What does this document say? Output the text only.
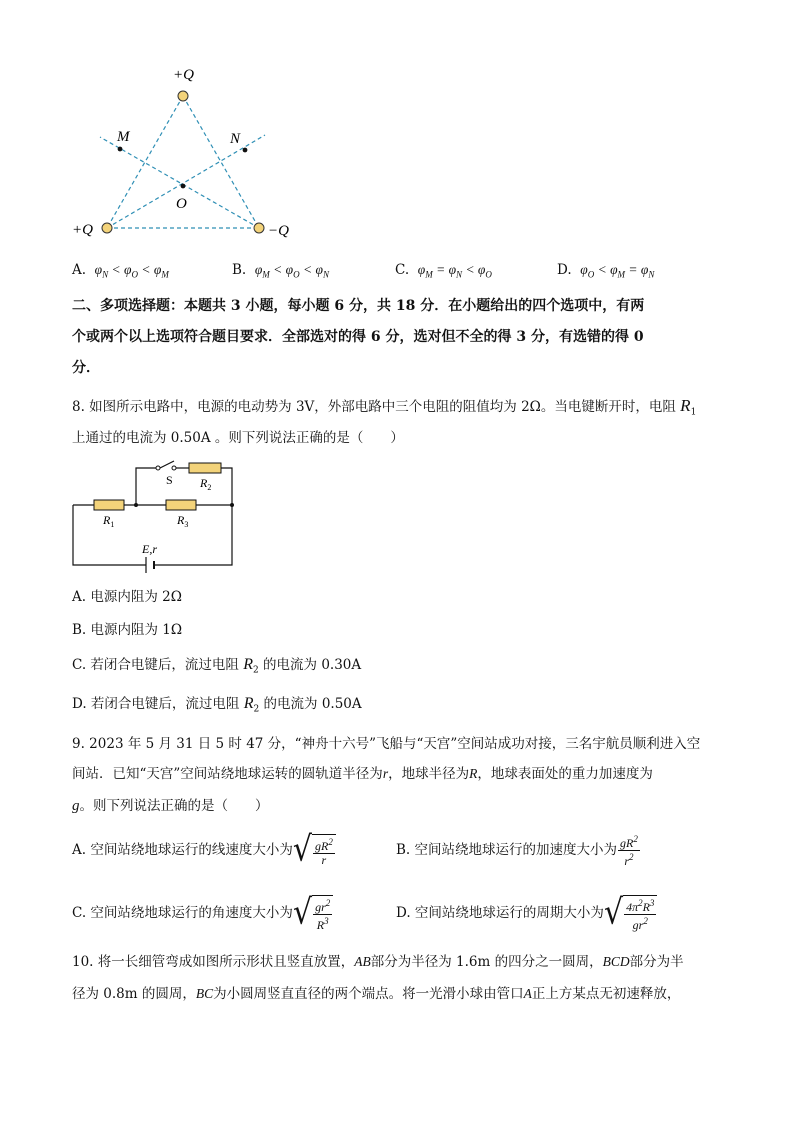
+Q
+Q	−Q
M	N
O
A. $\varphi_N < \varphi_O < \varphi_M$	B. $\varphi_M < \varphi_O < \varphi_N$	C. $\varphi_M = \varphi_N < \varphi_O$	D. $\varphi_O < \varphi_M = \varphi_N$
二、多项选择题：本题共 3 小题，每小题 6 分，共 18 分．在小题给出的四个选项中，有两
个或两个以上选项符合题目要求．全部选对的得 6 分，选对但不全的得 3 分，有选错的得 0
分．
8. 如图所示电路中，电源的电动势为 3V，外部电路中三个电阻的阻值均为 2Ω。当电键断开时，电阻 $R_1$
上通过的电流为 0.50A 。则下列说法正确的是（　　）
S $R_2$
$R_1$	$R_3$
E,r
A. 电源内阻为 2Ω
B. 电源内阻为 1Ω
C. 若闭合电键后，流过电阻 $R_2$ 的电流为 0.30A
D. 若闭合电键后，流过电阻 $R_2$ 的电流为 0.50A
9. 2023 年 5 月 31 日 5 时 47 分，“神舟十六号”飞船与“天宫”空间站成功对接，三名宇航员顺利进入空
间站．已知“天宫”空间站绕地球运转的圆轨道半径为r，地球半径为R，地球表面处的重力加速度为
g。则下列说法正确的是（　　）
A. 空间站绕地球运行的线速度大小为 √ $\frac{gR^2}{r}$	B. 空间站绕地球运行的加速度大小为 $\frac{gR^2}{r^2}$
C. 空间站绕地球运行的角速度大小为 √ $\frac{gr^2}{R^3}$	D. 空间站绕地球运行的周期大小为 √ $\frac{4\pi^2R^3}{gr^2}$
10. 将一长细管弯成如图所示形状且竖直放置，AB部分为半径为 1.6m 的四分之一圆周，BCD部分为半
径为 0.8m 的圆周，BC为小圆周竖直直径的两个端点。将一光滑小球由管口A正上方某点无初速释放，
